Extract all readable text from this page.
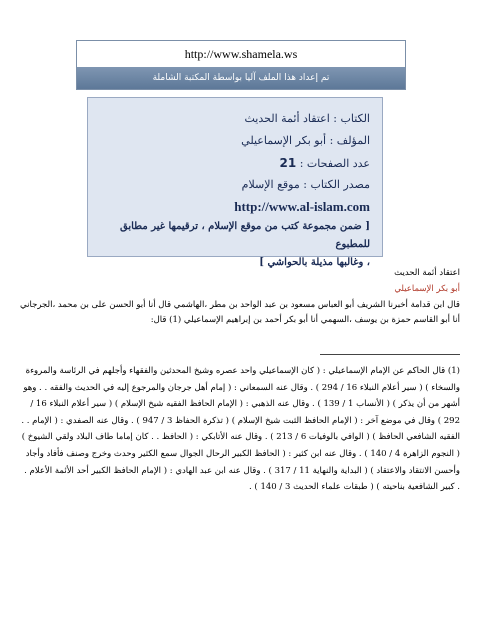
http://www.shamela.ws
تم إعداد هذا الملف آليا بواسطة المكتبة الشاملة
الكتاب : اعتقاد أئمة الحديث
المؤلف : أبو بكر الإسماعيلي
عدد الصفحات : 21
مصدر الكتاب : موقع الإسلام
http://www.al-islam.com
[ ضمن مجموعة كتب من موقع الإسلام ، ترقيمها غير مطابق للمطبوع
، وغالبها مذيلة بالحواشي ]
اعتقاد أئمة الحديث
أبو بكر الإسماعيلي
قال ابن قدامة أخبرنا الشريف أبو العباس مسعود بن عبد الواحد بن مطر ،الهاشمي قال أنا أبو الحسن على بن محمد ،الجرجاني أنا أبو القاسم حمزة بن يوسف ،السهمي أنا أبو بكر أحمد بن إبراهيم الإسماعيلي (1) قال:
(1) قال الحاكم عن الإمام الإسماعيلي : ( كان الإسماعيلي واحد عصره وشيخ المحدثين والفقهاء وأجلهم في الرئاسة والمروءة والسخاء ) ( سير أعلام النبلاء 16 / 294 ) . وقال عنه السمعاني : ( إمام أهل جرجان والمرجوع إليه في الحديث والفقه . . وهو أشهر من أن يذكر ) ( الأنساب 1 / 139 ) . وقال عنه الذهبي : ( الإمام الحافظ الفقيه شيخ الإسلام ) ( سير أعلام النبلاء 16 / 292 ) وقال في موضع آخر : ( الإمام الحافظ الثبت شيخ الإسلام ) ( تذكرة الحفاظ 3 / 947 ) . وقال عنه الصفدي : ( الإمام . . الفقيه الشافعي الحافظ ) ( الوافي بالوفيات 6 / 213 ) . وقال عنه الأتابكي : ( الحافظ . . كان إماما طاف البلاد ولقي الشيوخ ) ( النجوم الزاهرة 4 / 140 ) . وقال عنه ابن كثير : ( الحافظ الكبير الرحال الجوال سمع الكثير وحدث وخرج وصنف فأفاد وأجاد وأحسن الانتقاد والاعتقاد ) ( البداية والنهاية 11 / 317 ) . وقال عنه ابن عبد الهادي : ( الإمام الحافظ الكبير أحد الأئمة الأعلام . . كبير الشافعية بناحيته ) ( طبقات علماء الحديث 3 / 140 ) .
